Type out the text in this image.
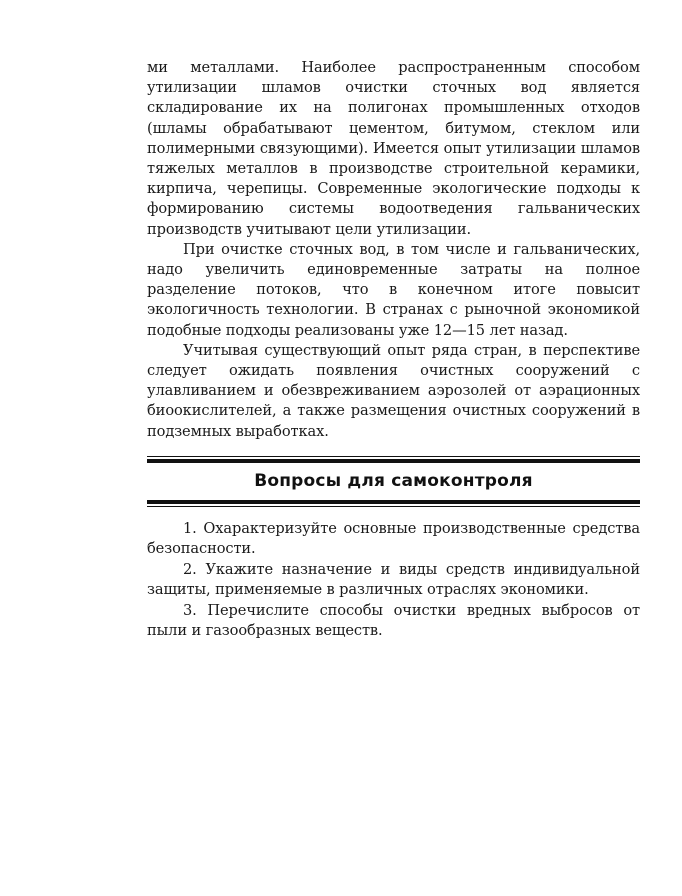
ми металлами. Наиболее распространенным способом утилизации шламов очистки сточных вод является складирование их на полигонах промышленных отходов (шламы обрабатывают цементом, битумом, стеклом или полимерными связующими). Имеется опыт утилизации шламов тяжелых металлов в производстве строительной керамики, кирпича, черепицы. Современные экологические подходы к формированию системы водоотведения гальванических производств учитывают цели утилизации.

При очистке сточных вод, в том числе и гальванических, надо увеличить единовременные затраты на полное разделение потоков, что в конечном итоге повысит экологичность технологии. В странах с рыночной экономикой подобные подходы реализованы уже 12—15 лет назад.

Учитывая существующий опыт ряда стран, в перспективе следует ожидать появления очистных сооружений с улавливанием и обезвреживанием аэрозолей от аэрационных биоокислителей, а также размещения очистных сооружений в подземных выработках.

Вопросы для самоконтроля

1. Охарактеризуйте основные производственные средства безопасности.

2. Укажите назначение и виды средств индивидуальной защиты, применяемые в различных отраслях экономики.

3. Перечислите способы очистки вредных выбросов от пыли и газообразных веществ.
